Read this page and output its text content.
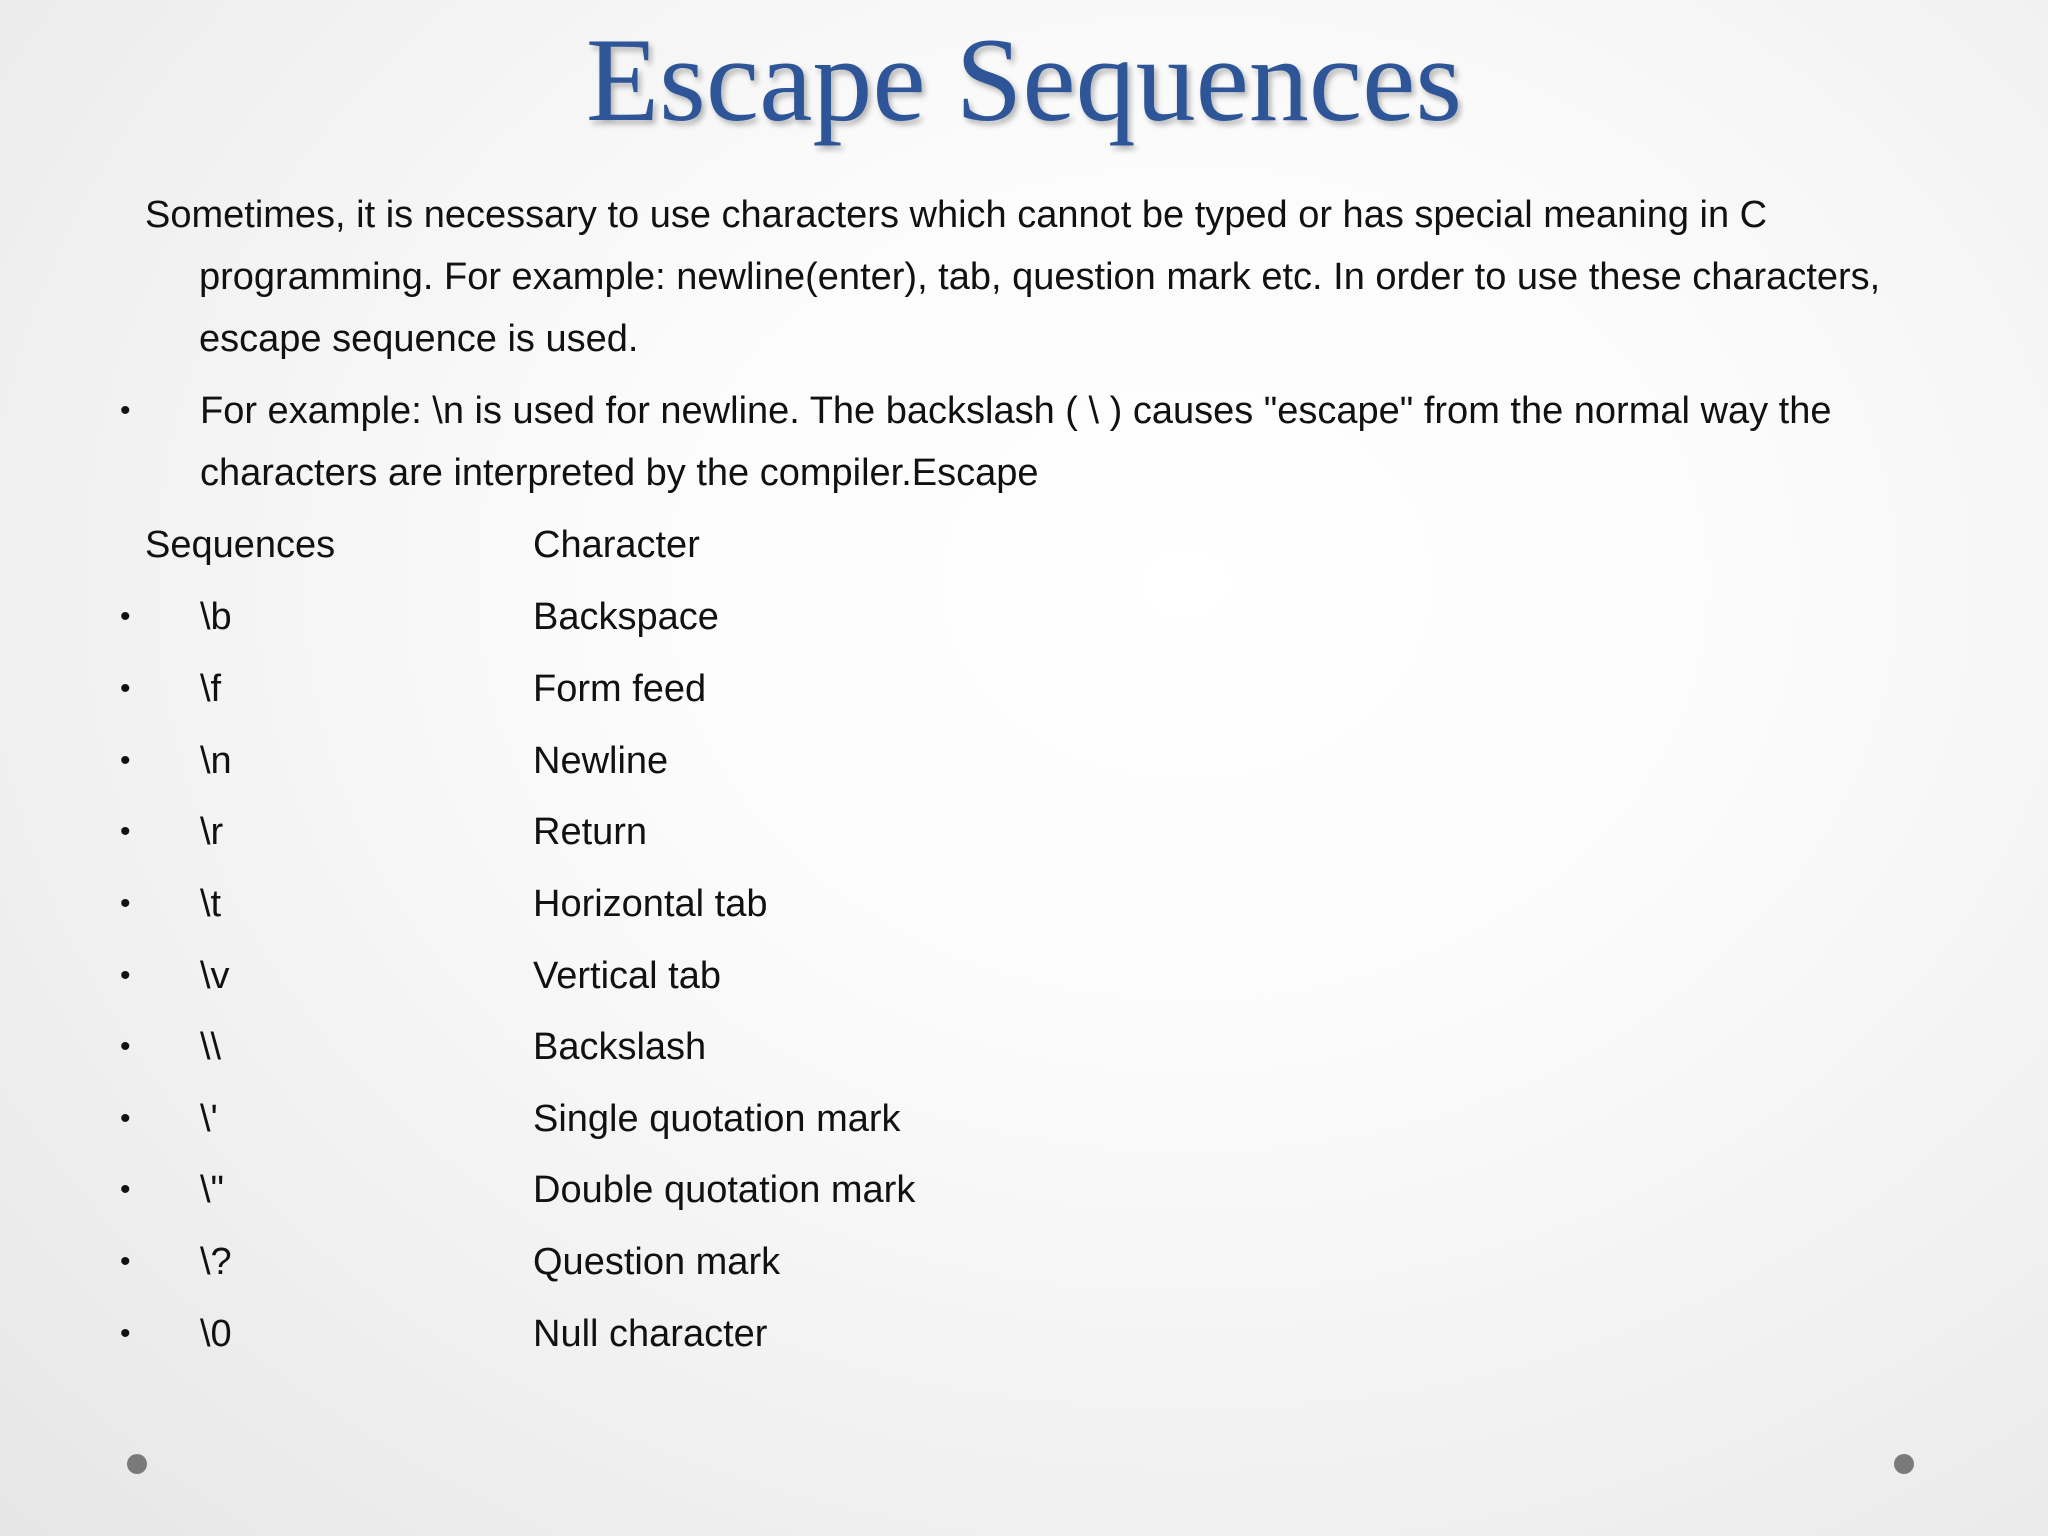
Escape Sequences
Sometimes, it is necessary to use characters which cannot be typed or has special meaning in C programming. For example: newline(enter), tab, question mark etc. In order to use these characters, escape sequence is used.
• For example: \n is used for newline. The backslash ( \ ) causes "escape" from the normal way the characters are interpreted by the compiler.Escape
Sequences	Character
• \b	Backspace
• \f	Form feed
• \n	Newline
• \r	Return
• \t	Horizontal tab
• \v	Vertical tab
• \\	Backslash
• \'	Single quotation mark
• \"	Double quotation mark
• \?	Question mark
• \0	Null character
